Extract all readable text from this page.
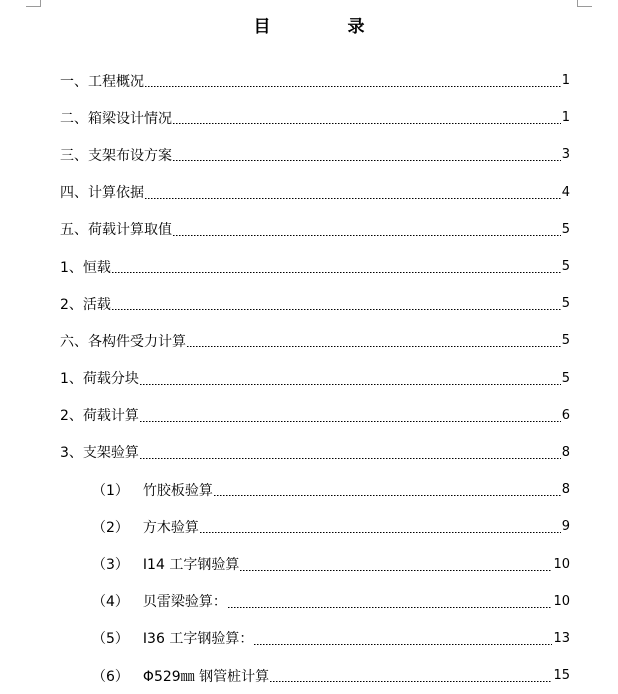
目　录
一、工程概况	1
二、箱梁设计情况	1
三、支架布设方案	3
四、计算依据	4
五、荷载计算取值	5
1、恒载	5
2、活载	5
六、各构件受力计算	5
1、荷载分块	5
2、荷载计算	6
3、支架验算	8
（1） 竹胶板验算	8
（2） 方木验算	9
（3） I14 工字钢验算	10
（4） 贝雷梁验算：	10
（5） I36 工字钢验算：	13
（6） Φ529㎜ 钢管桩计算	15
